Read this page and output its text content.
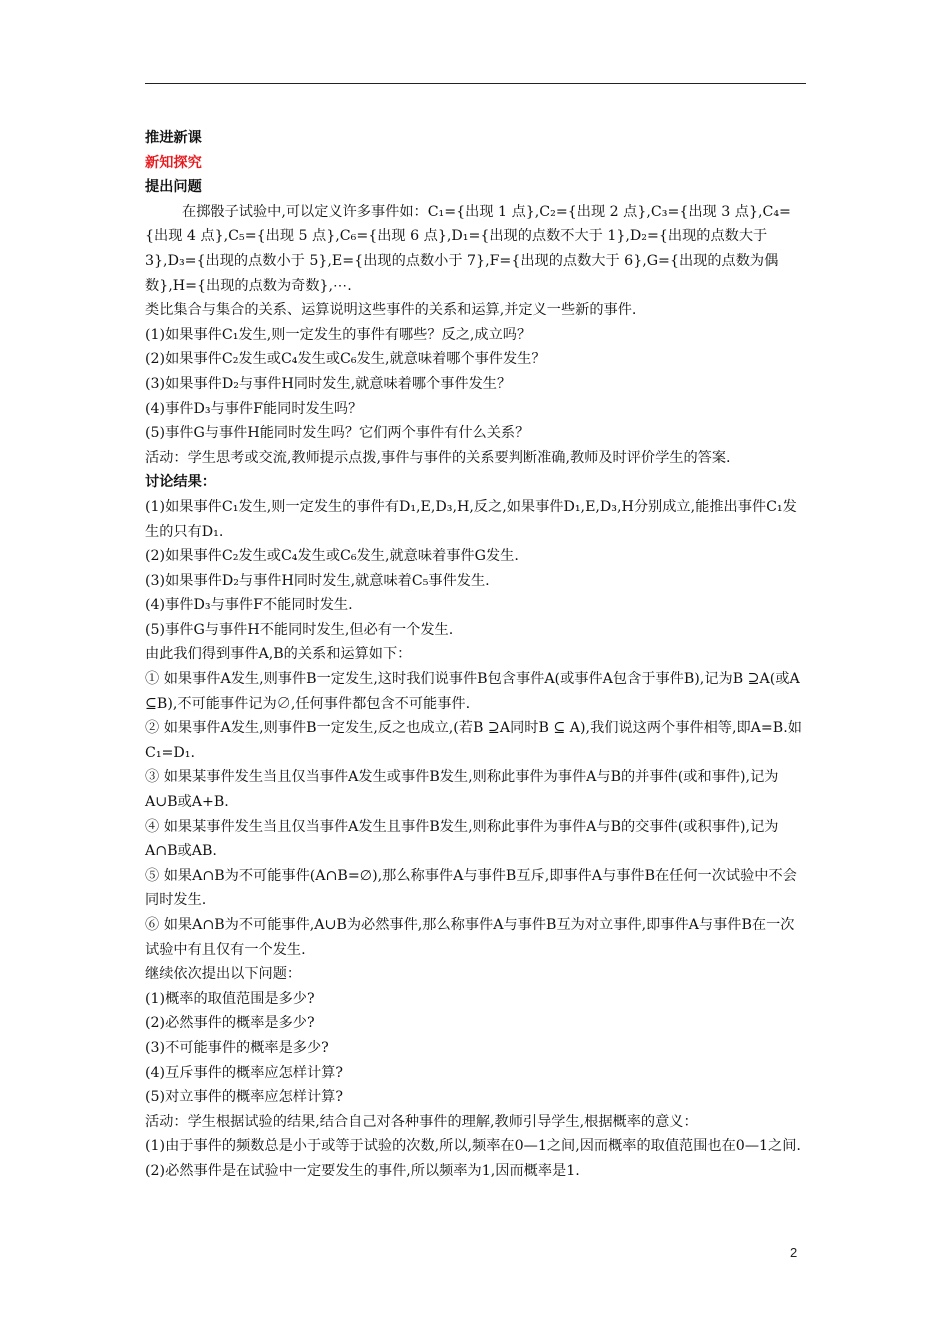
推进新课

新知探究

提出问题

在掷骰子试验中,可以定义许多事件如：C₁={出现 1 点},C₂={出现 2 点},C₃={出现 3 点},C₄={出现 4 点},C₅={出现 5 点},C₆={出现 6 点},D₁={出现的点数不大于 1},D₂={出现的点数大于 3},D₃={出现的点数小于 5},E={出现的点数小于 7},F={出现的点数大于 6},G={出现的点数为偶数},H={出现的点数为奇数},⋯.

类比集合与集合的关系、运算说明这些事件的关系和运算,并定义一些新的事件.

(1)如果事件C₁发生,则一定发生的事件有哪些？反之,成立吗？

(2)如果事件C₂发生或C₄发生或C₆发生,就意味着哪个事件发生？

(3)如果事件D₂与事件H同时发生,就意味着哪个事件发生？

(4)事件D₃与事件F能同时发生吗？

(5)事件G与事件H能同时发生吗？它们两个事件有什么关系？

活动：学生思考或交流,教师提示点拨,事件与事件的关系要判断准确,教师及时评价学生的答案.

讨论结果：

(1)如果事件C₁发生,则一定发生的事件有D₁,E,D₃,H,反之,如果事件D₁,E,D₃,H分别成立,能推出事件C₁发生的只有D₁.

(2)如果事件C₂发生或C₄发生或C₆发生,就意味着事件G发生.

(3)如果事件D₂与事件H同时发生,就意味着C₅事件发生.

(4)事件D₃与事件F不能同时发生.

(5)事件G与事件H不能同时发生,但必有一个发生.

由此我们得到事件A,B的关系和运算如下：

① 如果事件A发生,则事件B一定发生,这时我们说事件B包含事件A(或事件A包含于事件B),记为B ⊇A(或A ⊆B),不可能事件记为∅,任何事件都包含不可能事件.

② 如果事件A发生,则事件B一定发生,反之也成立,(若B ⊇A同时B ⊆ A),我们说这两个事件相等,即A=B.如C₁=D₁.

③ 如果某事件发生当且仅当事件A发生或事件B发生,则称此事件为事件A与B的并事件(或和事件),记为A∪B或A+B.

④ 如果某事件发生当且仅当事件A发生且事件B发生,则称此事件为事件A与B的交事件(或积事件),记为A∩B或AB.

⑤ 如果A∩B为不可能事件(A∩B=∅),那么称事件A与事件B互斥,即事件A与事件B在任何一次试验中不会同时发生.

⑥ 如果A∩B为不可能事件,A∪B为必然事件,那么称事件A与事件B互为对立事件,即事件A与事件B在一次试验中有且仅有一个发生.

继续依次提出以下问题：

(1)概率的取值范围是多少?

(2)必然事件的概率是多少?

(3)不可能事件的概率是多少?

(4)互斥事件的概率应怎样计算?

(5)对立事件的概率应怎样计算?

活动：学生根据试验的结果,结合自己对各种事件的理解,教师引导学生,根据概率的意义：

(1)由于事件的频数总是小于或等于试验的次数,所以,频率在0—1之间,因而概率的取值范围也在0—1之间.(2)必然事件是在试验中一定要发生的事件,所以频率为1,因而概率是1.

2
